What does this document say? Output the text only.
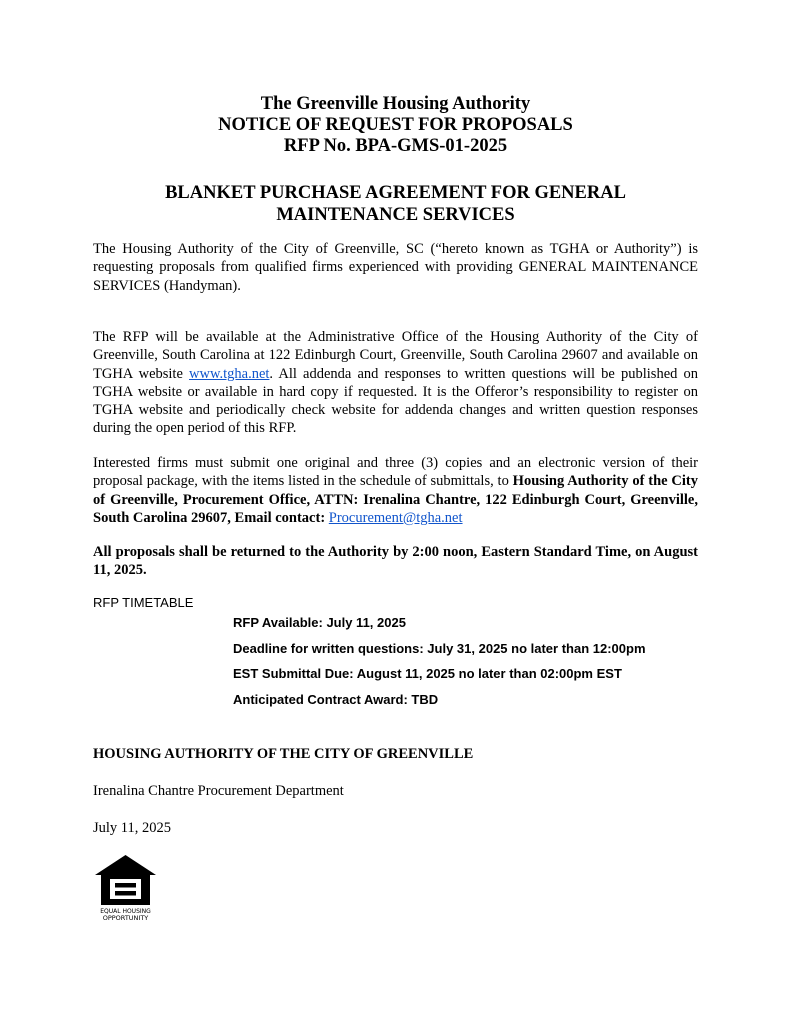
The Greenville Housing Authority
NOTICE OF REQUEST FOR PROPOSALS
RFP No. BPA-GMS-01-2025
BLANKET PURCHASE AGREEMENT FOR GENERAL
MAINTENANCE SERVICES
The Housing Authority of the City of Greenville, SC (“hereto known as TGHA or Authority”) is requesting proposals from qualified firms experienced with providing GENERAL MAINTENANCE SERVICES (Handyman).
The RFP will be available at the Administrative Office of the Housing Authority of the City of Greenville, South Carolina at 122 Edinburgh Court, Greenville, South Carolina 29607 and available on TGHA website www.tgha.net. All addenda and responses to written questions will be published on TGHA website or available in hard copy if requested. It is the Offeror’s responsibility to register on TGHA website and periodically check website for addenda changes and written question responses during the open period of this RFP.
Interested firms must submit one original and three (3) copies and an electronic version of their proposal package, with the items listed in the schedule of submittals, to Housing Authority of the City of Greenville, Procurement Office, ATTN: Irenalina Chantre, 122 Edinburgh Court, Greenville, South Carolina 29607, Email contact: Procurement@tgha.net
All proposals shall be returned to the Authority by 2:00 noon, Eastern Standard Time, on August 11, 2025.
RFP TIMETABLE
RFP Available: July 11, 2025
Deadline for written questions: July 31, 2025 no later than 12:00pm
EST Submittal Due: August 11, 2025 no later than 02:00pm EST
Anticipated Contract Award: TBD
HOUSING AUTHORITY OF THE CITY OF GREENVILLE
Irenalina Chantre Procurement Department
July 11, 2025
EQUAL HOUSING
OPPORTUNITY
